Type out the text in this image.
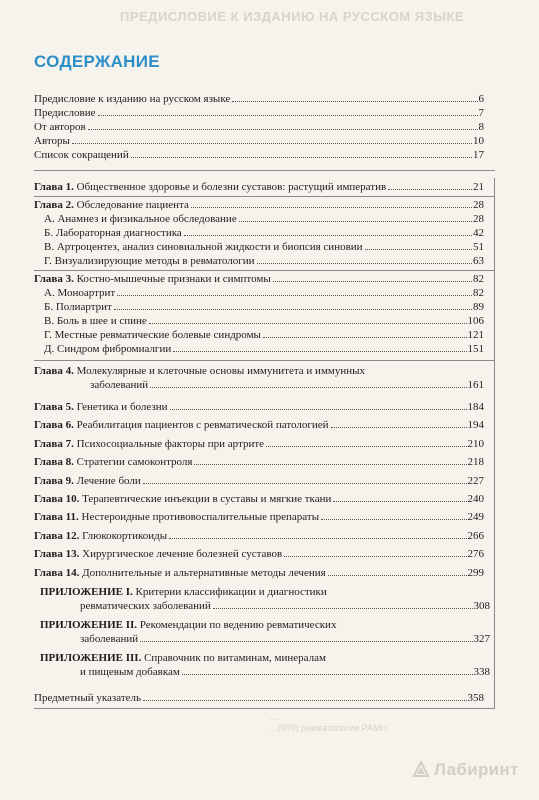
ПРЕДИСЛОВИЕ К ИЗДАНИЮ НА РУССКОМ ЯЗЫКЕ
СОДЕРЖАНИЕ
Предисловие к изданию на русском языке	6
Предисловие	7
От авторов	8
Авторы	10
Список сокращений	17
Глава 1. Общественное здоровье и болезни суставов: растущий императив	21
Глава 2. Обследование пациента	28
А. Анамнез и физикальное обследование	28
Б. Лабораторная диагностика	42
В. Артроцентез, анализ синовиальной жидкости и биопсия синовии	51
Г. Визуализирующие методы в ревматологии	63
Глава 3. Костно-мышечные признаки и симптомы	82
А. Моноартрит	82
Б. Полиартрит	89
В. Боль в шее и спине	106
Г. Местные ревматические болевые синдромы	121
Д. Синдром фибромиалгии	151
Глава 4. Молекулярные и клеточные основы иммунитета и иммунных
заболеваний	161
Глава 5. Генетика и болезни	184
Глава 6. Реабилитация пациентов с ревматической патологией	194
Глава 7. Психосоциальные факторы при артрите	210
Глава 8. Стратегии самоконтроля	218
Глава 9. Лечение боли	227
Глава 10. Терапевтические инъекции в суставы и мягкие ткани	240
Глава 11. Нестероидные противовоспалительные препараты	249
Глава 12. Глюкокортикоиды	266
Глава 13. Хирургическое лечение болезней суставов	276
Глава 14. Дополнительные и альтернативные методы лечения	299
ПРИЛОЖЕНИЕ I. Критерии классификации и диагностики
ревматических заболеваний	308
ПРИЛОЖЕНИЕ II. Рекомендации по ведению ревматических
заболеваний	327
ПРИЛОЖЕНИЕ III. Справочник по витаминам, минералам
и пищевым добавкам	338
Предметный указатель	358
...
...(909) ревматология РАМН
Лабиринт
